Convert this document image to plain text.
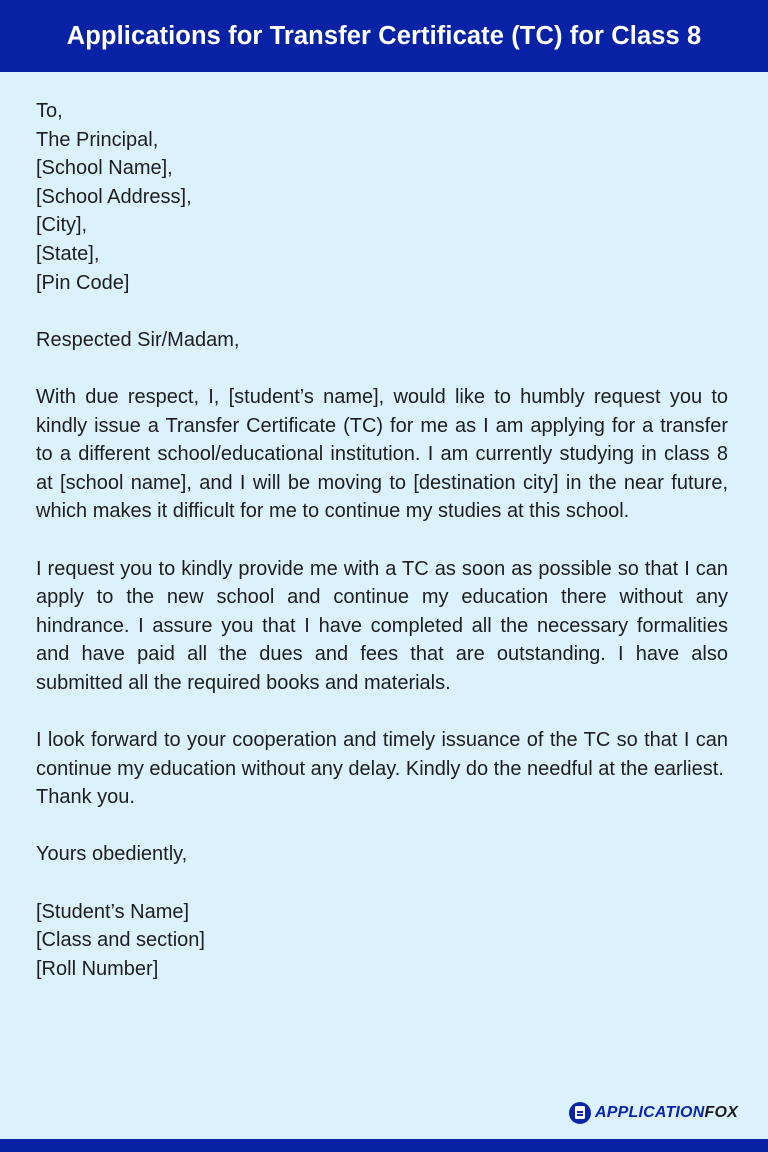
Applications for Transfer Certificate (TC) for Class 8

To,

The Principal,

[School Name],

[School Address],

[City],

[State],

[Pin Code]

Respected Sir/Madam,

With due respect, I, [student’s name], would like to humbly request you to kindly issue a Transfer Certificate (TC) for me as I am applying for a transfer to a different school/educational institution. I am currently studying in class 8 at [school name], and I will be moving to [destination city] in the near future, which makes it difficult for me to continue my studies at this school.

I request you to kindly provide me with a TC as soon as possible so that I can apply to the new school and continue my education there without any hindrance. I assure you that I have completed all the necessary formalities and have paid all the dues and fees that are outstanding. I have also submitted all the required books and materials.

I look forward to your cooperation and timely issuance of the TC so that I can continue my education without any delay. Kindly do the needful at the earliest.

Thank you.

Yours obediently,

[Student’s Name]

[Class and section]

[Roll Number]

APPLICATION FOX
